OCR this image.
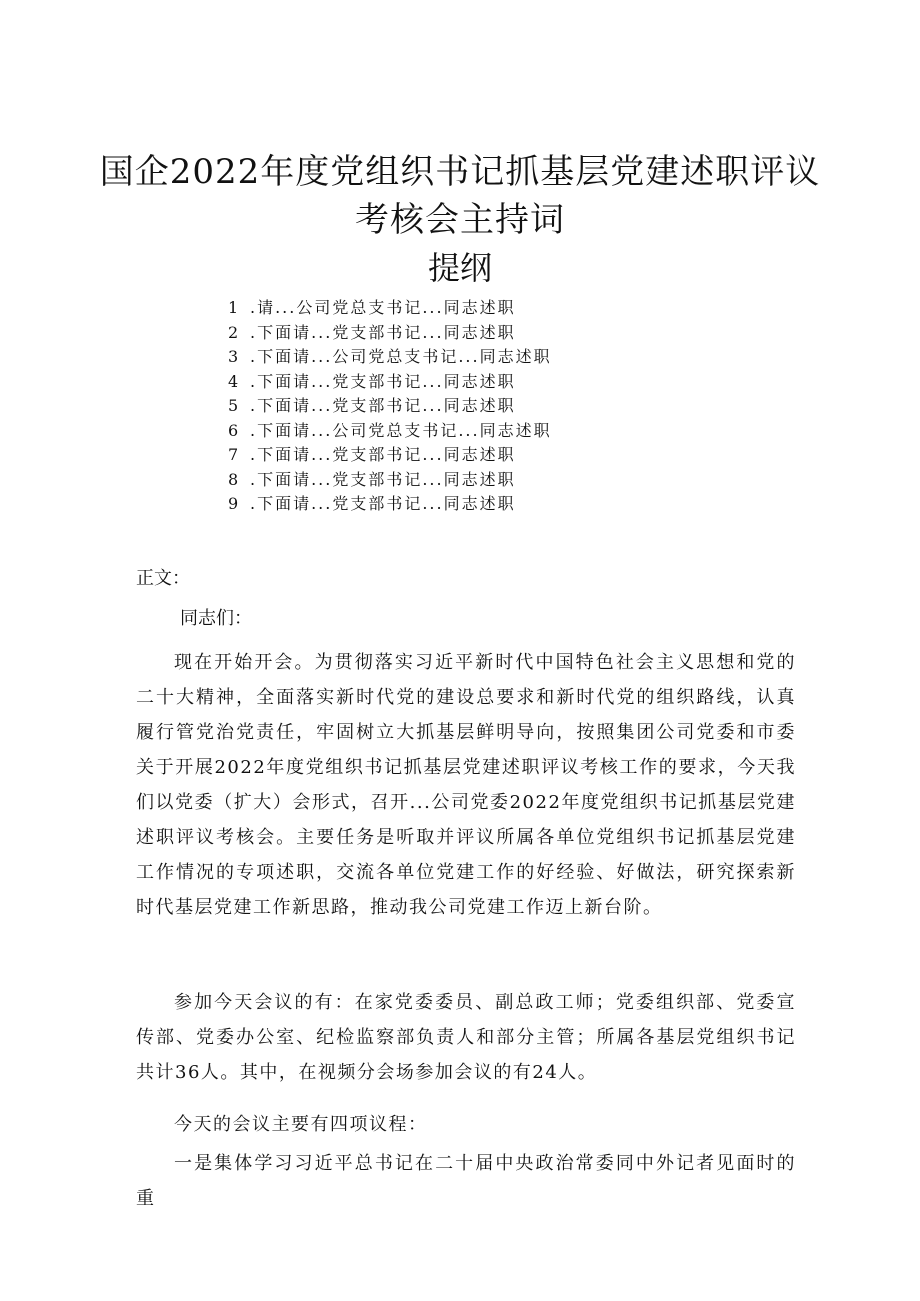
国企2022年度党组织书记抓基层党建述职评议
考核会主持词
提纲
1 .请...公司党总支书记...同志述职
2 .下面请...党支部书记...同志述职
3 .下面请...公司党总支书记...同志述职
4 .下面请...党支部书记...同志述职
5 .下面请...党支部书记...同志述职
6 .下面请...公司党总支书记...同志述职
7 .下面请...党支部书记...同志述职
8 .下面请...党支部书记...同志述职
9 .下面请...党支部书记...同志述职

正文：

同志们：

现在开始开会。为贯彻落实习近平新时代中国特色社会主义思想和党的二十大精神，全面落实新时代党的建设总要求和新时代党的组织路线，认真履行管党治党责任，牢固树立大抓基层鲜明导向，按照集团公司党委和市委关于开展2022年度党组织书记抓基层党建述职评议考核工作的要求，今天我们以党委（扩大）会形式，召开...公司党委2022年度党组织书记抓基层党建述职评议考核会。主要任务是听取并评议所属各单位党组织书记抓基层党建工作情况的专项述职，交流各单位党建工作的好经验、好做法，研究探索新时代基层党建工作新思路，推动我公司党建工作迈上新台阶。

参加今天会议的有：在家党委委员、副总政工师；党委组织部、党委宣传部、党委办公室、纪检监察部负责人和部分主管；所属各基层党组织书记共计36人。其中，在视频分会场参加会议的有24人。

今天的会议主要有四项议程：

一是集体学习习近平总书记在二十届中央政治常委同中外记者见面时的重
